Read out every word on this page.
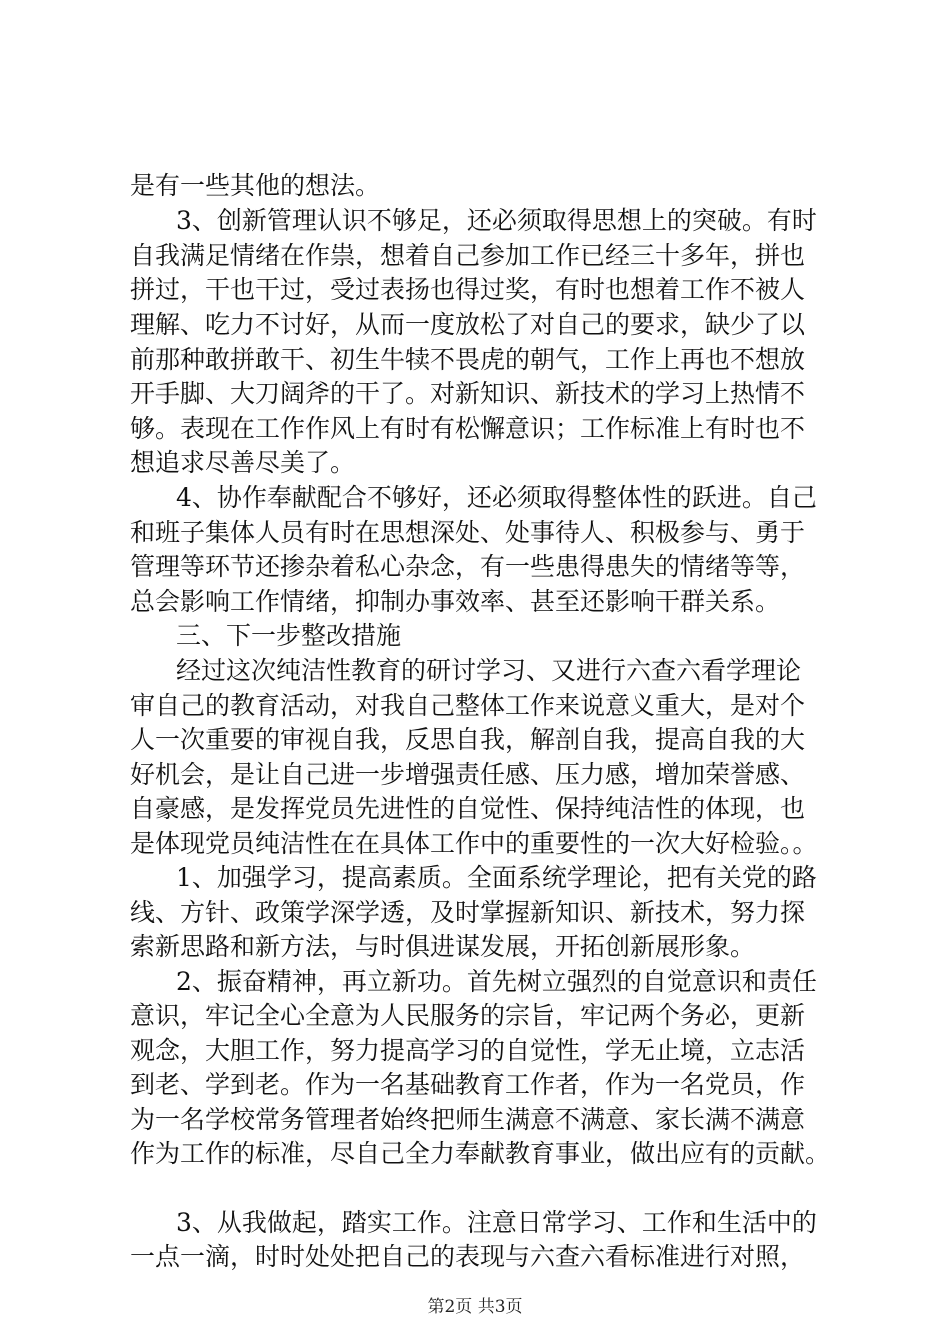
是有一些其他的想法。
3、创新管理认识不够足，还必须取得思想上的突破。有时
自我满足情绪在作祟，想着自己参加工作已经三十多年，拼也
拼过，干也干过，受过表扬也得过奖，有时也想着工作不被人
理解、吃力不讨好，从而一度放松了对自己的要求，缺少了以
前那种敢拼敢干、初生牛犊不畏虎的朝气，工作上再也不想放
开手脚、大刀阔斧的干了。对新知识、新技术的学习上热情不
够。表现在工作作风上有时有松懈意识；工作标准上有时也不
想追求尽善尽美了。
4、协作奉献配合不够好，还必须取得整体性的跃进。自己
和班子集体人员有时在思想深处、处事待人、积极参与、勇于
管理等环节还掺杂着私心杂念，有一些患得患失的情绪等等，
总会影响工作情绪，抑制办事效率、甚至还影响干群关系。
三、下一步整改措施
经过这次纯洁性教育的研讨学习、又进行六查六看学理论
审自己的教育活动，对我自己整体工作来说意义重大，是对个
人一次重要的审视自我，反思自我，解剖自我，提高自我的大
好机会，是让自己进一步增强责任感、压力感，增加荣誉感、
自豪感，是发挥党员先进性的自觉性、保持纯洁性的体现，也
是体现党员纯洁性在在具体工作中的重要性的一次大好检验。。
1、加强学习，提高素质。全面系统学理论，把有关党的路
线、方针、政策学深学透，及时掌握新知识、新技术，努力探
索新思路和新方法，与时俱进谋发展，开拓创新展形象。
2、振奋精神，再立新功。首先树立强烈的自觉意识和责任
意识，牢记全心全意为人民服务的宗旨，牢记两个务必，更新
观念，大胆工作，努力提高学习的自觉性，学无止境，立志活
到老、学到老。作为一名基础教育工作者，作为一名党员，作
为一名学校常务管理者始终把师生满意不满意、家长满不满意
作为工作的标准，尽自己全力奉献教育事业，做出应有的贡献。
第2页 共3页
3、从我做起，踏实工作。注意日常学习、工作和生活中的
一点一滴，时时处处把自己的表现与六查六看标准进行对照，
